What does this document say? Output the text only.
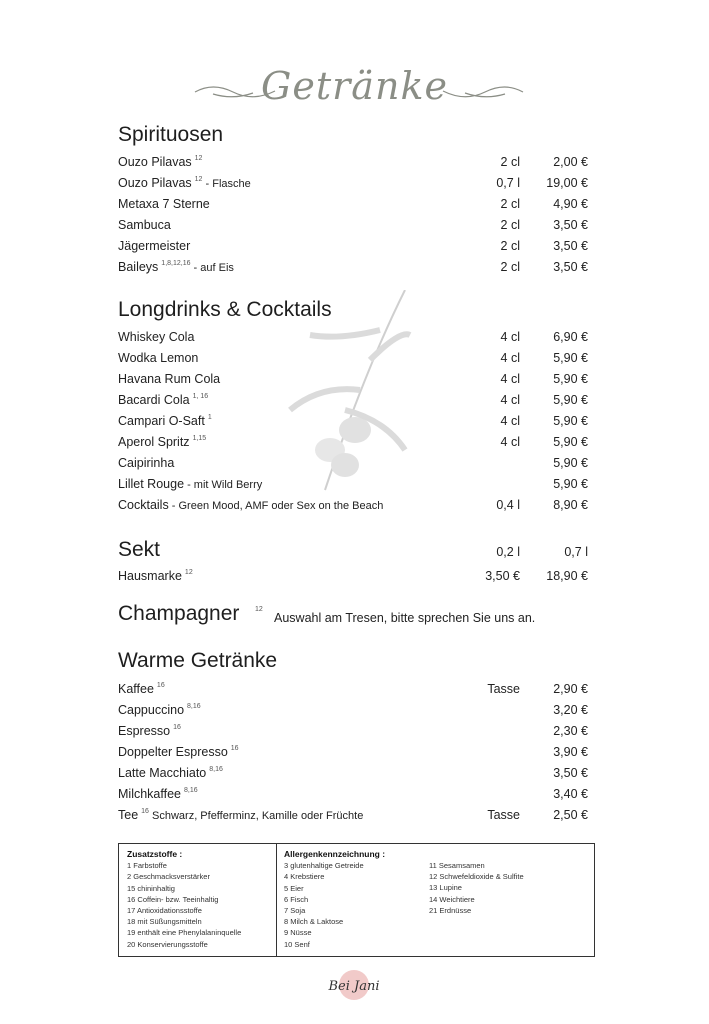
Getränke
Spirituosen
Ouzo Pilavas $^{12}$	2 cl	2,00 €
Ouzo Pilavas $^{12}$ - Flasche	0,7 l 19,00 €
Metaxa 7 Sterne	2 cl	4,90 €
Sambuca	2 cl	3,50 €
Jägermeister	2 cl	3,50 €
Baileys $^{1,8,12,16}$ - auf Eis	2 cl	3,50 €
Longdrinks & Cocktails
Whiskey Cola	4 cl	6,90 €
Wodka Lemon	4 cl	5,90 €
Havana Rum Cola	4 cl	5,90 €
Bacardi Cola $^{1, 16}$	4 cl	5,90 €
Campari O-Saft $^1$	4 cl	5,90 €
Aperol Spritz $^{1,15}$	4 cl	5,90 €
Caipirinha	5,90 €
Lillet Rouge - mit Wild Berry	5,90 €
Cocktails - Green Mood, AMF oder Sex on the Beach	0,4 l	8,90 €
Sekt	0,2 l	0,7 l
Hausmarke $^{12}$	3,50 € 18,90 €
Champagner
Warme Getränke
Kaffee $^{16}$	Tasse	2,90 €
Cappuccino $^{8,16}$	3,20 €
Espresso $^{16}$	2,30 €
Doppelter Espresso $^{16}$	3,90 €
Latte Macchiato $^{8,16}$	3,50 €
Milchkaffee $^{8,16}$	3,40 €
Tee $^{16}$ Schwarz, Pfefferminz, Kamille oder Früchte	Tasse	2,50 €
12
Auswahl am Tresen, bitte sprechen Sie uns an.
Zusatzstoffe :
1 Farbstoffe
2 Geschmacksverstärker
15 chininhaltig
16 Coffein- bzw. Teeinhaltig
17 Antioxidationsstoffe
18 mit Süßungsmitteln
19 enthält eine Phenylalaninquelle
20 Konservierungsstoffe
Allergenkennzeichnung :
3 glutenhaltige Getreide
4 Krebstiere
5 Eier
6 Fisch
7 Soja
8 Milch & Laktose
9 Nüsse
10 Senf
11 Sesamsamen
12 Schwefeldioxide & Sulfite
13 Lupine
14 Weichtiere
21 Erdnüsse
Bei Jani
